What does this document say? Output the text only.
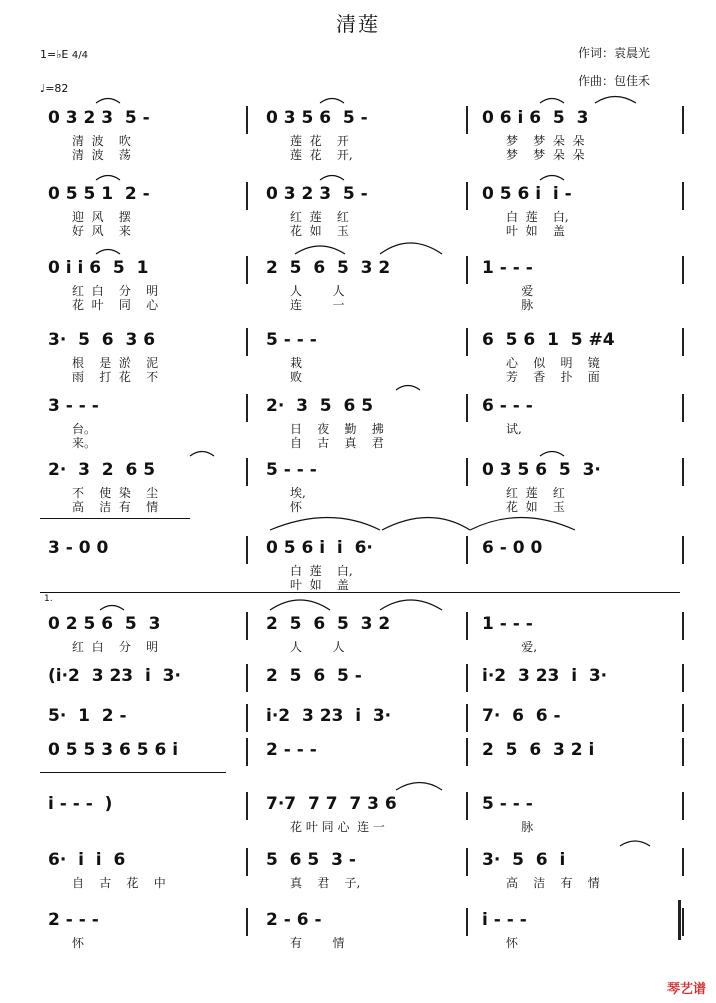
清莲
作词：袁晨光
作曲：包佳禾
1=♭E 4/4
♩=82
0 3 2 3  5 -
清  波    吹
清  波    荡
0 3 5 6  5 -
莲  花    开
莲  花    开,
0 6 i 6  5  3
梦    梦  朵  朵
梦    梦  朵  朵
0 5 5 1  2 -
迎  风    摆
好  风    来
0 3 2 3  5 -
红  莲    红
花  如    玉
0 5 6 i  i -
白  莲    白,
叶  如    盖
0 i i 6  5  1
红  白    分    明
花  叶    同    心
2  5  6  5  3 2
人        人
连        一
1 - - -
爱
脉
3·  5  6  3 6
根    是  淤    泥
雨    打  花    不
5 - - -
栽
败
6  5 6  1  5 #4
心    似    明    镜
芳    香    扑    面
3 - - -
台。
来。
2·  3  5  6 5
日    夜    勤    拂
自    古    真    君
6 - - -
试,

2·  3  2  6 5
不    使  染    尘
高    洁  有    情
5 - - -
埃,
怀
0 3 5 6  5  3·
红  莲    红
花  如    玉
3 - 0 0	0 5 6 i  i  6·
白  莲    白,
叶  如    盖
6 - 0 0
0 2 5 6  5  3
红  白    分    明
2  5  6  5  3 2
人        人
1 - - -
爱,
(i·2  3 23  i  3·	2  5  6  5 -	i·2  3 23  i  3·
5·  1  2 -	i·2  3 23  i  3·	7·  6  6 -
0 5 5 3 6 5 6 i	2 - - -	2  5  6  3 2 i
i - - -  )	7·7  7 7  7 3 6
花 叶 同 心  连 一
5 - - -
脉
6·  i  i  6
自    古    花    中
5  6 5  3 -
真    君    子,
3·  5  6  i
高    洁    有    情
2 - - -
怀
2 - 6 -
有        情
i - - -
怀
1.
琴艺谱
